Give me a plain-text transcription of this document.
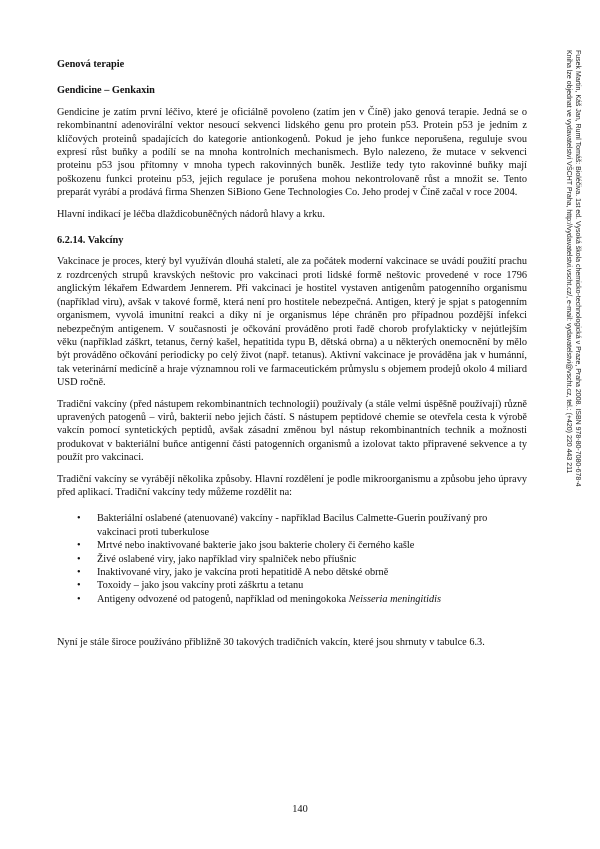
Genová terapie
Gendicine – Genkaxin

Gendicine je zatím první léčivo, které je oficiálně povoleno (zatím jen v Číně) jako genová terapie. Jedná se o rekombinantní adenovirální vektor nesoucí sekvenci lidského genu pro protein p53. Protein p53 je jedním z klíčových proteinů spadajících do kategorie antionkogenů. Pokud je jeho funkce neporušena, reguluje svou expresí růst buňky a podílí se na mnoha kontrolních mechanismech. Bylo nalezeno, že mutace v sekvenci proteinu p53 jsou přítomny v mnoha typech rakovinných buněk. Jestliže tedy tyto rakovinné buňky mají poškozenu funkci proteinu p53, jejich regulace je porušena mohou nekontrolovaně růst a množit se. Tento preparát vyrábí a prodává firma Shenzen SiBiono Gene Technologies Co. Jeho prodej v Číně začal v roce 2004.

Hlavní indikací je léčba dlaždicobuněčných nádorů hlavy a krku.

6.2.14. Vakcíny

Vakcinace je proces, který byl využíván dlouhá staletí, ale za počátek moderní vakcinace se uvádí použití prachu z rozdrcených strupů kravských neštovic pro vakcinaci proti lidské formě neštovic provedené v roce 1796 anglickým lékařem Edwardem Jennerem. Při vakcinaci je hostitel vystaven antigenům patogenního organismu (například viru), avšak v takové formě, která není pro hostitele nebezpečná. Antigen, který je spjat s patogenním organismem, vyvolá imunitní reakci a díky ní je organismus lépe chráněn pro případnou pozdější infekci nebezpečným antigenem. V současnosti je očkování prováděno proti řadě chorob profylakticky v nejútlejším věku (například záškrt, tetanus, černý kašel, hepatitida typu B, dětská obrna) a u některých onemocnění by mělo být prováděno očkování periodicky po celý život (např. tetanus). Aktivní vakcinace je prováděna jak v humánní, tak veterinární medicíně a hraje významnou roli ve farmaceutickém průmyslu s objemem prodejů okolo 4 miliard USD ročně.

Tradiční vakcíny (před nástupem rekombinantních technologií) používaly (a stále velmi úspěšně používají) různě upravených patogenů – virů, bakterií nebo jejich částí. S nástupem peptidové chemie se otevřela cesta k výrobě vakcín pomocí syntetických peptidů, avšak zásadní změnou byl nástup rekombinantních technik a možnosti produkovat v bakteriální buňce antigenní části patogenních organismů a izolovat takto připravené sekvence a ty použít pro vakcinaci.

Tradiční vakcíny se vyrábějí několika způsoby. Hlavní rozdělení je podle mikroorganismu a způsobu jeho úpravy před aplikací. Tradiční vakcíny tedy můžeme rozdělit na:

• Bakteriální oslabené (atenuované) vakcíny - například Bacilus Calmette-Guerin používaný pro vakcinaci proti tuberkulose
• Mrtvé nebo inaktivované bakterie jako jsou bakterie cholery či černého kašle
• Živé oslabené viry, jako například viry spalniček nebo příušnic
• Inaktivované viry, jako je vakcína proti hepatitidě A nebo dětské obrně
• Toxoidy – jako jsou vakcíny proti záškrtu a tetanu
• Antigeny odvozené od patogenů, například od meningokoka Neisseria meningitidis

Nyní je stále široce používáno přibližně 30 takových tradičních vakcín, které jsou shrnuty v tabulce 6.3.

Fusek Martin, Káš Jan, Ruml Tomáš: Bioléčiva. 1st ed. Vysoká škola chemicko-technologická v Praze, Praha 2008. ISBN 978-80-7080-678-4
Kniha lze objednat ve vydavatelství VŠCHT Praha, http://vydavatelstvi.vscht.cz/, e-mail: vydavatelstvi@vscht.cz, tel.: (+420) 220 443 211
140
